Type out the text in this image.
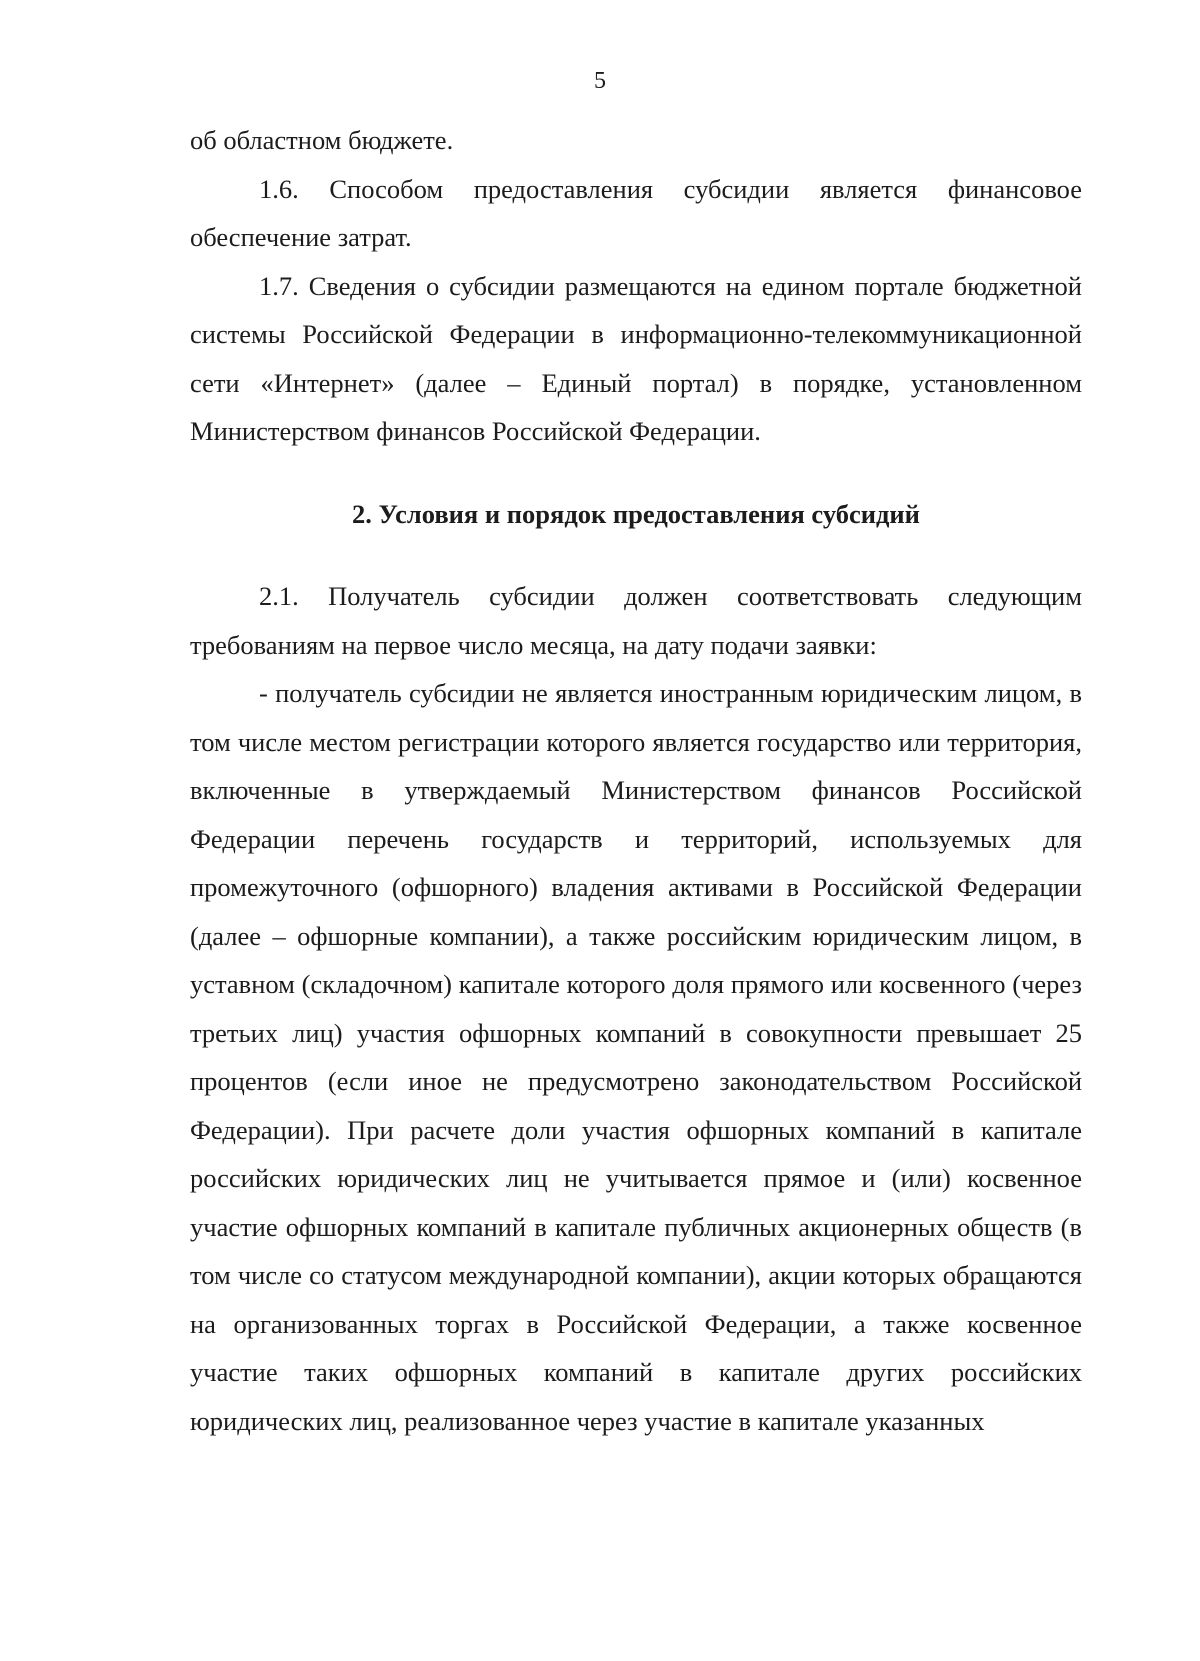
5

об областном бюджете.

1.6. Способом предоставления субсидии является финансовое обеспечение затрат.

1.7. Сведения о субсидии размещаются на едином портале бюджетной системы Российской Федерации в информационно-телекоммуникационной сети «Интернет» (далее – Единый портал) в порядке, установленном Министерством финансов Российской Федерации.

2. Условия и порядок предоставления субсидий

2.1. Получатель субсидии должен соответствовать следующим требованиям на первое число месяца, на дату подачи заявки:

- получатель субсидии не является иностранным юридическим лицом, в том числе местом регистрации которого является государство или территория, включенные в утверждаемый Министерством финансов Российской Федерации перечень государств и территорий, используемых для промежуточного (офшорного) владения активами в Российской Федерации (далее – офшорные компании), а также российским юридическим лицом, в уставном (складочном) капитале которого доля прямого или косвенного (через третьих лиц) участия офшорных компаний в совокупности превышает 25 процентов (если иное не предусмотрено законодательством Российской Федерации). При расчете доли участия офшорных компаний в капитале российских юридических лиц не учитывается прямое и (или) косвенное участие офшорных компаний в капитале публичных акционерных обществ (в том числе со статусом международной компании), акции которых обращаются на организованных торгах в Российской Федерации, а также косвенное участие таких офшорных компаний в капитале других российских юридических лиц, реализованное через участие в капитале указанных
